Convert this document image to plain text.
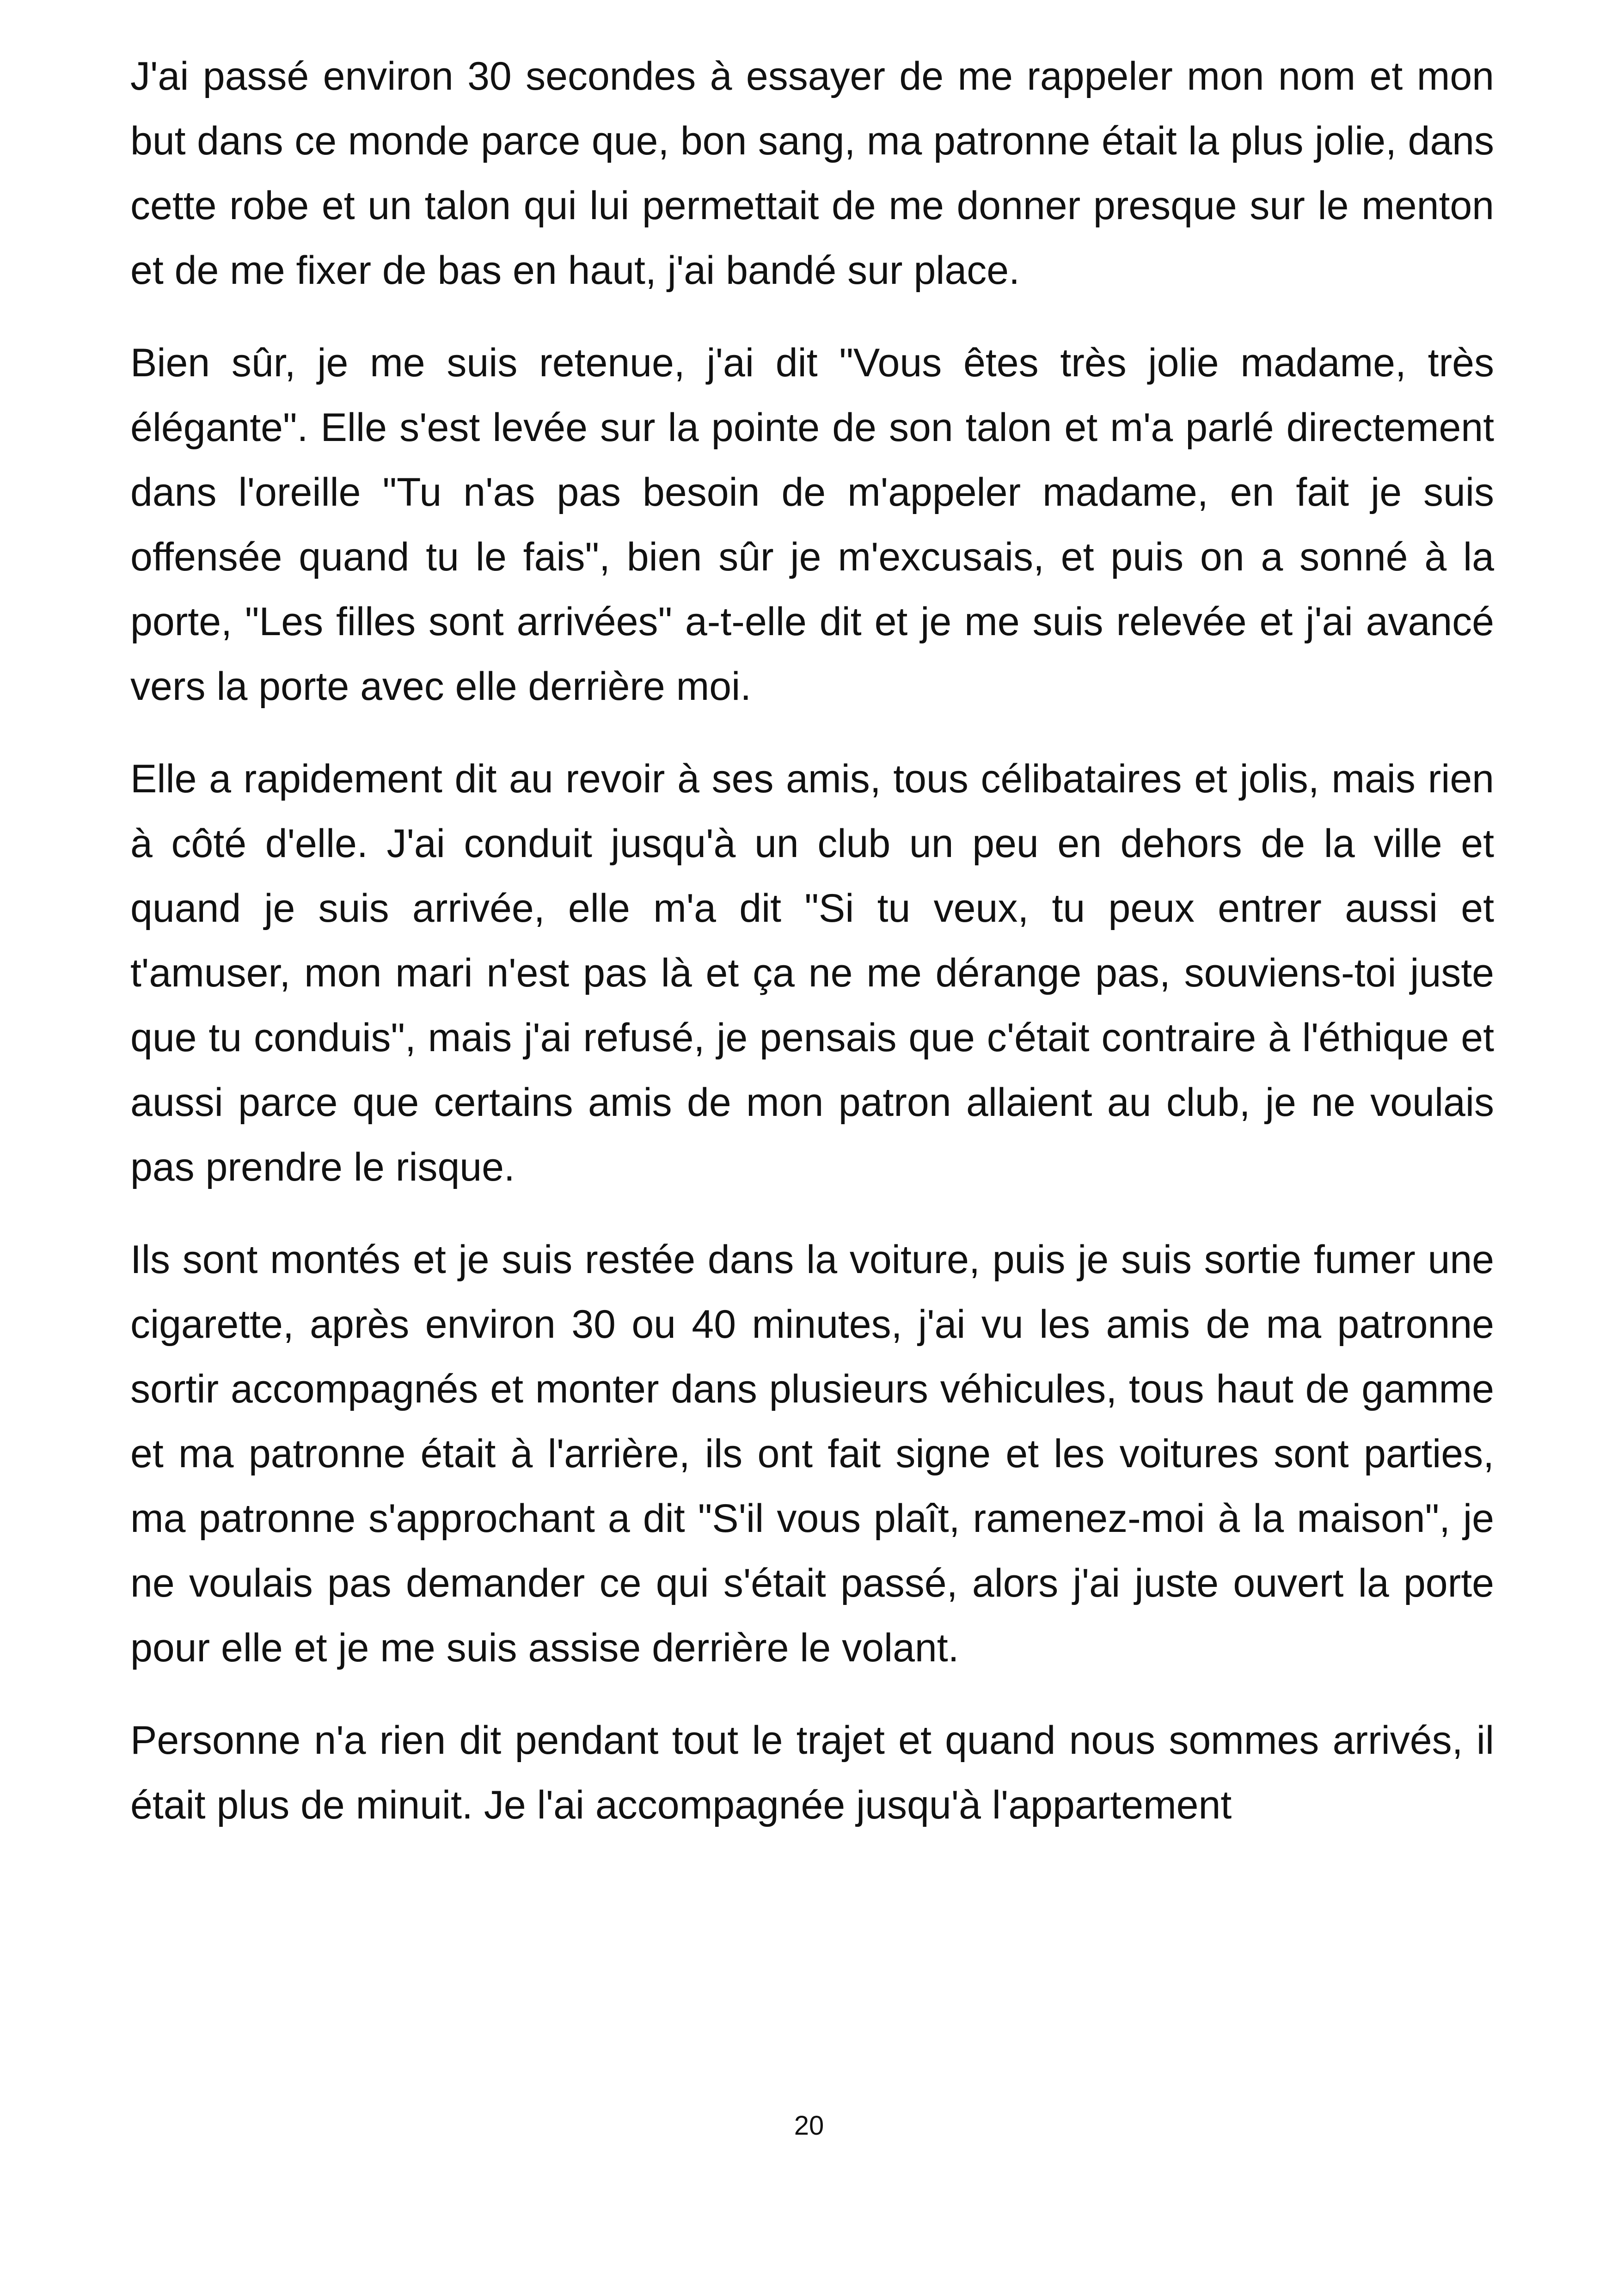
J'ai passé environ 30 secondes à essayer de me rappeler mon nom et mon but dans ce monde parce que, bon sang, ma patronne était la plus jolie, dans cette robe et un talon qui lui permettait de me donner presque sur le menton et de me fixer de bas en haut, j'ai bandé sur place.

Bien sûr, je me suis retenue, j'ai dit "Vous êtes très jolie madame, très élégante". Elle s'est levée sur la pointe de son talon et m'a parlé directement dans l'oreille "Tu n'as pas besoin de m'appeler madame, en fait je suis offensée quand tu le fais", bien sûr je m'excusais, et puis on a sonné à la porte, "Les filles sont arrivées" a-t-elle dit et je me suis relevée et j'ai avancé vers la porte avec elle derrière moi.

Elle a rapidement dit au revoir à ses amis, tous célibataires et jolis, mais rien à côté d'elle. J'ai conduit jusqu'à un club un peu en dehors de la ville et quand je suis arrivée, elle m'a dit "Si tu veux, tu peux entrer aussi et t'amuser, mon mari n'est pas là et ça ne me dérange pas, souviens-toi juste que tu conduis", mais j'ai refusé, je pensais que c'était contraire à l'éthique et aussi parce que certains amis de mon patron allaient au club, je ne voulais pas prendre le risque.

Ils sont montés et je suis restée dans la voiture, puis je suis sortie fumer une cigarette, après environ 30 ou 40 minutes, j'ai vu les amis de ma patronne sortir accompagnés et monter dans plusieurs véhicules, tous haut de gamme et ma patronne était à l'arrière, ils ont fait signe et les voitures sont parties, ma patronne s'approchant a dit "S'il vous plaît, ramenez-moi à la maison", je ne voulais pas demander ce qui s'était passé, alors j'ai juste ouvert la porte pour elle et je me suis assise derrière le volant.

Personne n'a rien dit pendant tout le trajet et quand nous sommes arrivés, il était plus de minuit. Je l'ai accompagnée jusqu'à l'appartement

20
